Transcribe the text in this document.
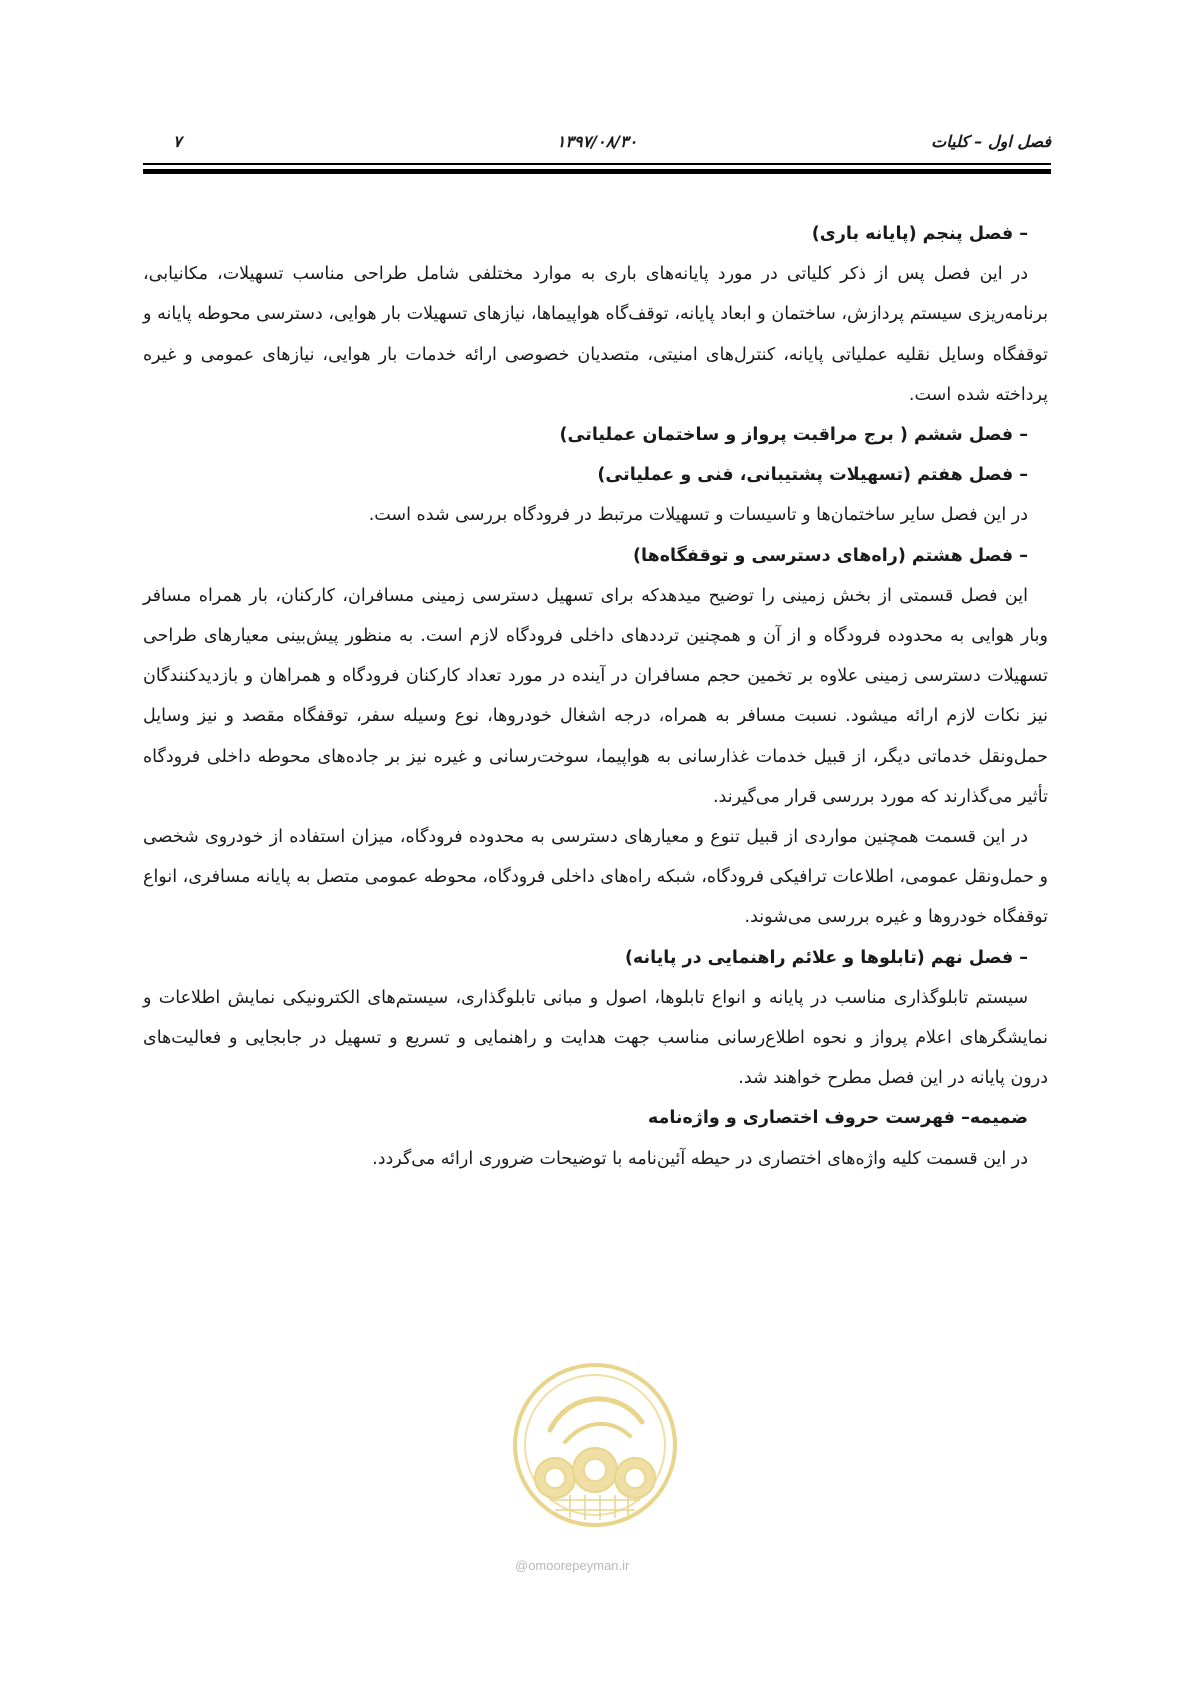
فصل اول – کلیات
۱۳۹۷/۰۸/۳۰
۷

– فصل پنجم (پایانه باری)

در این فصل پس از ذکر کلیاتی در مورد پایانه‌های باری به موارد مختلفی شامل طراحی مناسب تسهیلات، مکانیابی، برنامه‌ریزی سیستم پردازش، ساختمان و ابعاد پایانه، توقف‌گاه هواپیماها، نیازهای تسهیلات بار هوایی، دسترسی محوطه پایانه و توقفگاه وسایل نقلیه عملیاتی پایانه، کنترل‌های امنیتی، متصدیان خصوصی ارائه خدمات بار هوایی، نیازهای عمومی و غیره پرداخته شده است.

– فصل ششم ( برج مراقبت پرواز و ساختمان عملیاتی)

– فصل هفتم (تسهیلات پشتیبانی، فنی و عملیاتی)

در این فصل سایر ساختمان‌ها و تاسیسات و تسهیلات مرتبط در فرودگاه بررسی شده است.

– فصل هشتم (راه‌های دسترسی و توقفگاه‌ها)

این فصل قسمتی از بخش زمینی را توضیح میدهدکه برای تسهیل دسترسی زمینی مسافران، کارکنان، بار همراه مسافر وبار هوایی به محدوده فرودگاه و از آن و همچنین ترددهای داخلی فرودگاه لازم است. به منظور پیش‌بینی معیارهای طراحی تسهیلات دسترسی زمینی علاوه بر تخمین حجم مسافران در آینده در مورد تعداد کارکنان فرودگاه و همراهان و بازدیدکنندگان نیز نکات لازم ارائه میشود. نسبت مسافر به همراه، درجه اشغال خودروها، نوع وسیله سفر، توقفگاه مقصد و نیز وسایل حمل‌ونقل خدماتی دیگر، از قبیل خدمات غذارسانی به هواپیما، سوخت‌رسانی و غیره نیز بر جاده‌های محوطه داخلی فرودگاه تأثیر می‌گذارند که مورد بررسی قرار می‌گیرند.

در این قسمت همچنین مواردی از قبیل تنوع و معیارهای دسترسی به محدوده فرودگاه، میزان استفاده از خودروی شخصی و حمل‌ونقل عمومی، اطلاعات ترافیکی فرودگاه، شبکه راه‌های داخلی فرودگاه، محوطه عمومی متصل به پایانه مسافری، انواع توقفگاه خودروها و غیره بررسی می‌شوند.

– فصل نهم (تابلوها و علائم راهنمایی در پایانه)

سیستم تابلوگذاری مناسب در پایانه و انواع تابلوها، اصول و مبانی تابلوگذاری، سیستم‌های الکترونیکی نمایش اطلاعات و نمایشگرهای اعلام پرواز و نحوه اطلاع‌رسانی مناسب جهت هدایت و راهنمایی و تسریع و تسهیل در جابجایی و فعالیت‌های درون پایانه در این فصل مطرح خواهند شد.

ضمیمه– فهرست حروف اختصاری و واژه‌نامه

در این قسمت کلیه واژه‌های اختصاری در حیطه آئین‌نامه با توضیحات ضروری ارائه می‌گردد.

@omoorepeyman.ir
